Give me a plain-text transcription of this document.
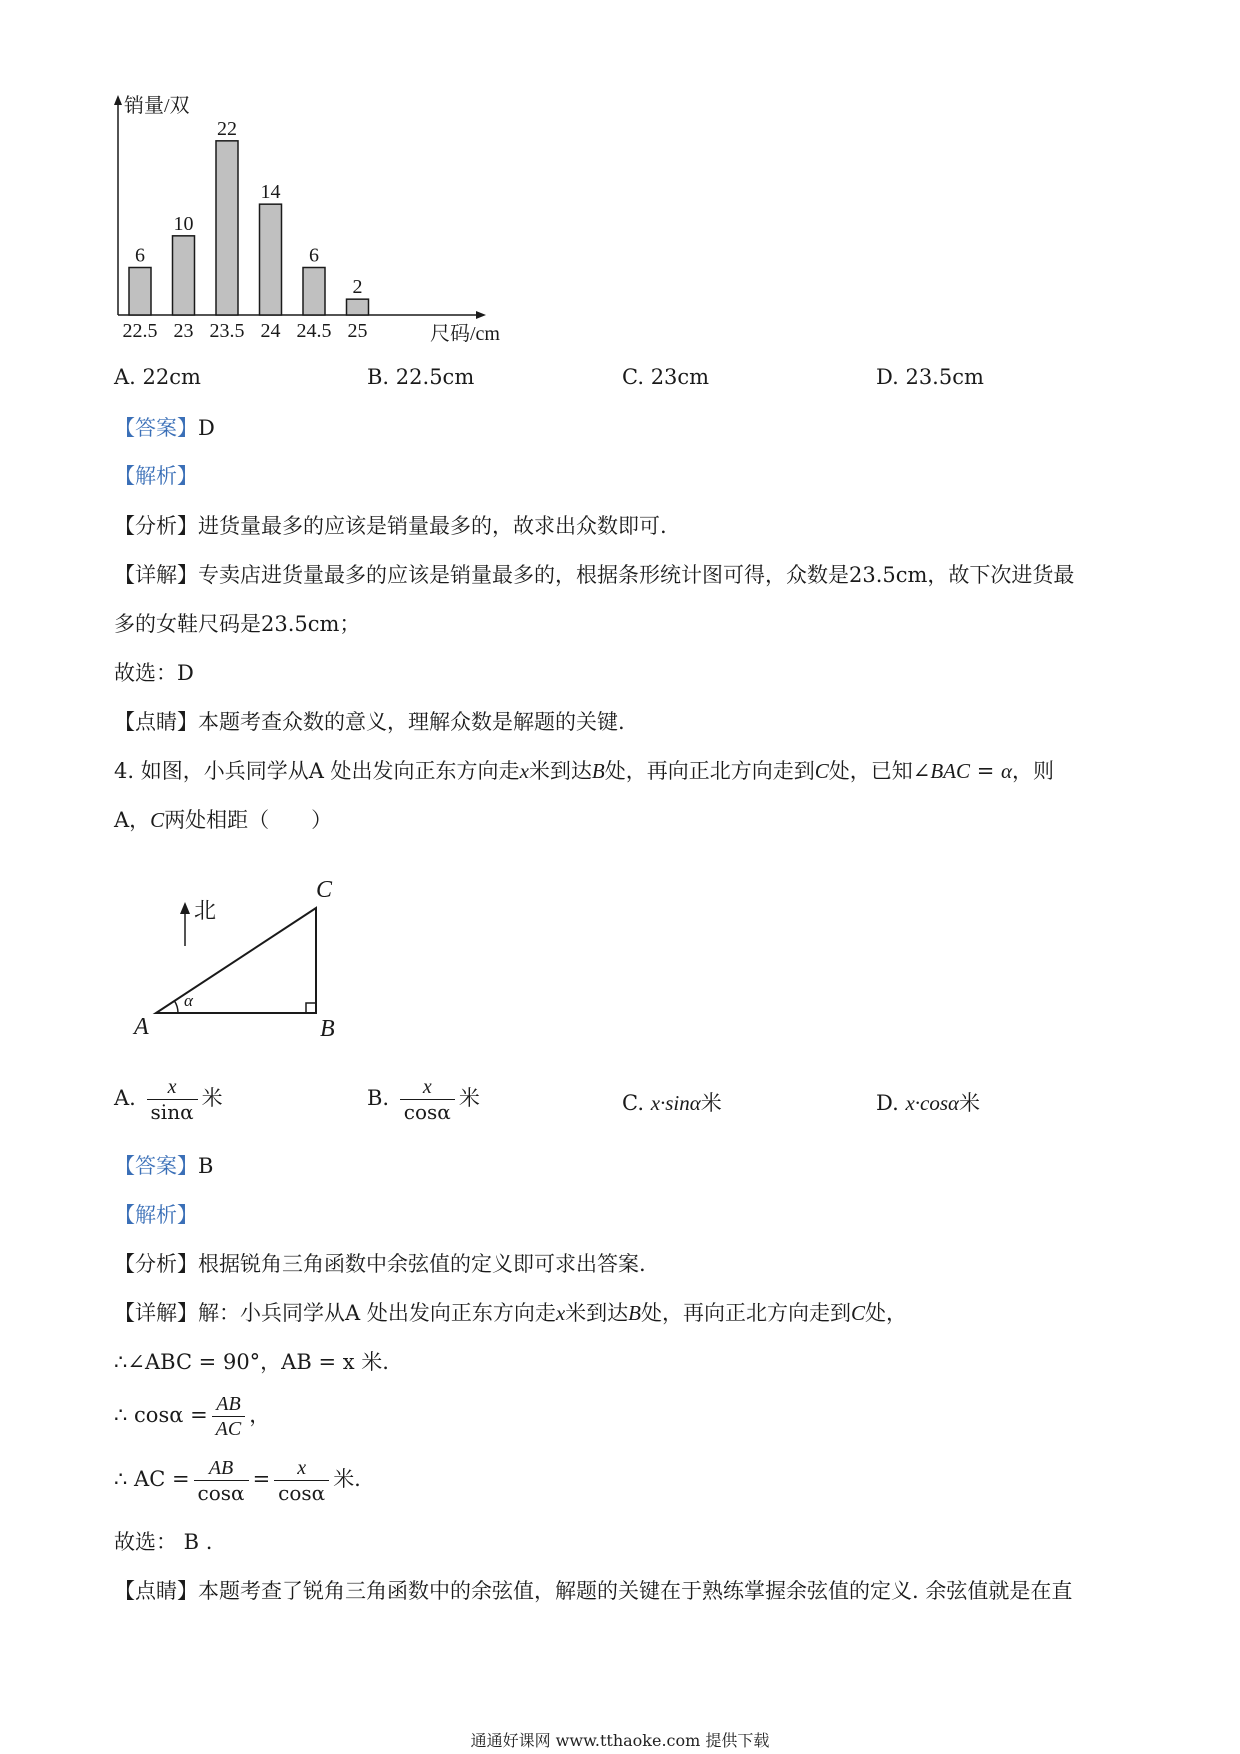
销量/双
尺码/cm
6
22.5
10
23
22
23.5
14
24
6
24.5
2
25
A. 22cm	B. 22.5cm	C. 23cm	D. 23.5cm
【答案】D
【解析】
【分析】进货量最多的应该是销量最多的，故求出众数即可.
【详解】专卖店进货量最多的应该是销量最多的，根据条形统计图可得，众数是23.5cm，故下次进货最
多的女鞋尺码是23.5cm；
故选：D
【点睛】本题考查众数的意义，理解众数是解题的关键.
4. 如图，小兵同学从A 处出发向正东方向走x米到达B处，再向正北方向走到C处，已知∠BAC = α，则
A，C两处相距（　　）
北
α
A	B
C
A. $\frac{x}{\sin\alpha}$ 米	B. $\frac{x}{\cos\alpha}$ 米	C. x·sinα米	D. x·cosα米
【答案】B
【解析】
【分析】根据锐角三角函数中余弦值的定义即可求出答案.
【详解】解：小兵同学从A 处出发向正东方向走x米到达B处，再向正北方向走到C处，
∴∠ABC = 90°，AB = x 米.
∴ $\cos\alpha = \frac{AB}{AC}$ ，
∴ AC = $\frac{AB}{\cos\alpha} = \frac{x}{\cos\alpha}$ 米.
故选： B .
【点睛】本题考查了锐角三角函数中的余弦值，解题的关键在于熟练掌握余弦值的定义. 余弦值就是在直
通通好课网 www.tthaoke.com 提供下载
